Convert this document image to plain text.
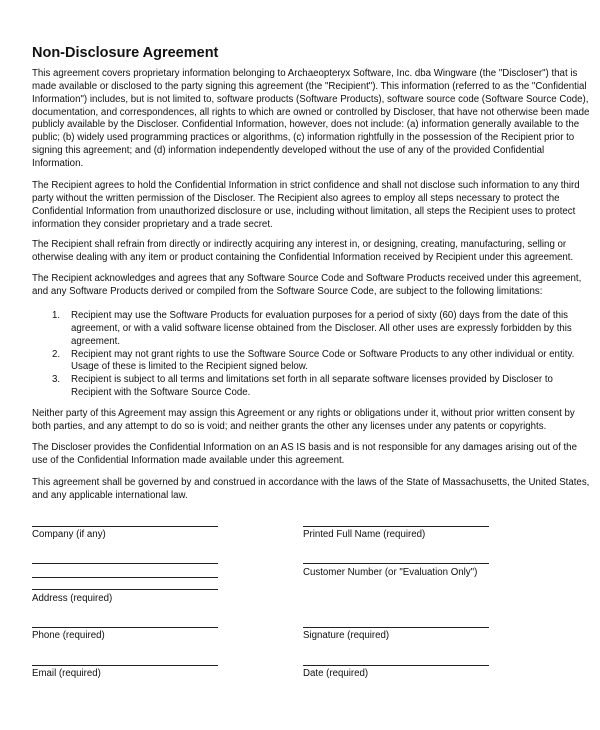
Non-Disclosure Agreement
This agreement covers proprietary information belonging to Archaeopteryx Software, Inc. dba Wingware (the "Discloser") that is
made available or disclosed to the party signing this agreement (the "Recipient"). This information (referred to as the "Confidential
Information") includes, but is not limited to, software products (Software Products), software source code (Software Source Code),
documentation, and correspondences, all rights to which are owned or controlled by Discloser, that have not otherwise been made
publicly available by the Discloser. Confidential Information, however, does not include: (a) information generally available to the
public; (b) widely used programming practices or algorithms, (c) information rightfully in the possession of the Recipient prior to
signing this agreement; and (d) information independently developed without the use of any of the provided Confidential
Information.
The Recipient agrees to hold the Confidential Information in strict confidence and shall not disclose such information to any third
party without the written permission of the Discloser. The Recipient also agrees to employ all steps necessary to protect the
Confidential Information from unauthorized disclosure or use, including without limitation, all steps the Recipient uses to protect
information they consider proprietary and a trade secret.
The Recipient shall refrain from directly or indirectly acquiring any interest in, or designing, creating, manufacturing, selling or
otherwise dealing with any item or product containing the Confidential Information received by Recipient under this agreement.
The Recipient acknowledges and agrees that any Software Source Code and Software Products received under this agreement,
and any Software Products derived or compiled from the Software Source Code, are subject to the following limitations:
1. Recipient may use the Software Products for evaluation purposes for a period of sixty (60) days from the date of this
agreement, or with a valid software license obtained from the Discloser. All other uses are expressly forbidden by this
agreement.
2. Recipient may not grant rights to use the Software Source Code or Software Products to any other individual or entity.
Usage of these is limited to the Recipient signed below.
3. Recipient is subject to all terms and limitations set forth in all separate software licenses provided by Discloser to
Recipient with the Software Source Code.
Neither party of this Agreement may assign this Agreement or any rights or obligations under it, without prior written consent by
both parties, and any attempt to do so is void; and neither grants the other any licenses under any patents or copyrights.
The Discloser provides the Confidential Information on an AS IS basis and is not responsible for any damages arising out of the
use of the Confidential Information made available under this agreement.
This agreement shall be governed by and construed in accordance with the laws of the State of Massachusetts, the United States,
and any applicable international law.
Company (if any)
Address (required)
Phone (required)
Email (required)
Printed Full Name (required)
Customer Number (or "Evaluation Only")
Signature (required)
Date (required)
